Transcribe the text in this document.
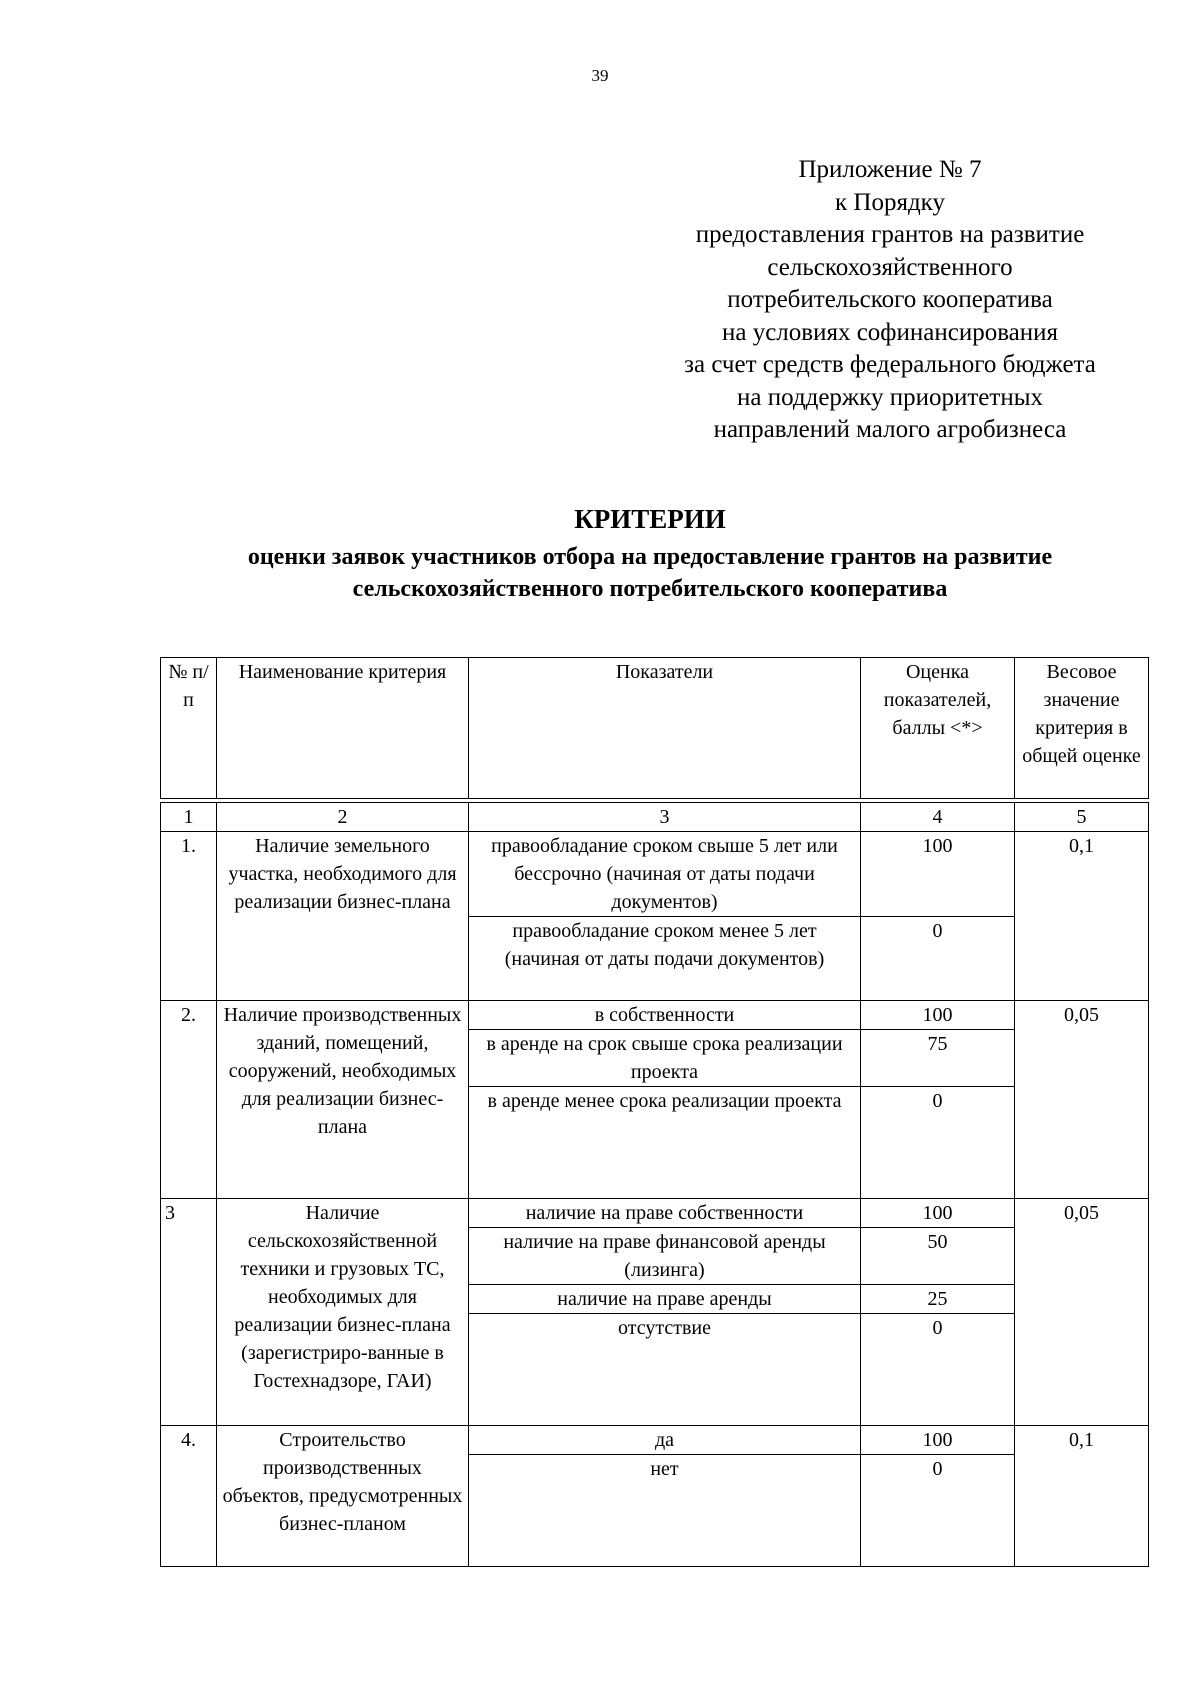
39
Приложение № 7
к Порядку
предоставления грантов на развитие
сельскохозяйственного
потребительского кооператива
на условиях софинансирования
за счет средств федерального бюджета
на поддержку приоритетных
направлений малого агробизнеса
КРИТЕРИИ
оценки заявок участников отбора на предоставление грантов на развитие
сельскохозяйственного потребительского кооператива
№ п/п	Наименование критерия	Показатели	Оценка показателей, баллы <*>	Весовое значение критерия в общей оценке

1	2	3	4	5
1.	Наличие земельного участка, необходимого для реализации бизнес-плана	правообладание сроком свыше 5 лет или бессрочно (начиная от даты подачи документов)	100	0,1
		правообладание сроком менее 5 лет (начиная от даты подачи документов)	0	
2.	Наличие производственных зданий, помещений, сооружений, необходимых для реализации бизнес-плана	в собственности	100	0,05
		в аренде на срок свыше срока реализации проекта	75	
		в аренде менее срока реализации проекта	0	
3	Наличие сельскохозяйственной техники и грузовых ТС, необходимых для реализации бизнес-плана (зарегистриро-ванные в Гостехнадзоре, ГАИ)	наличие на праве собственности	100	0,05
		наличие на праве финансовой аренды (лизинга)	50	
		наличие на праве аренды	25	
		отсутствие	0	
4.	Строительство производственных объектов, предусмотренных бизнес-планом	да	100	0,1
		нет	0	
